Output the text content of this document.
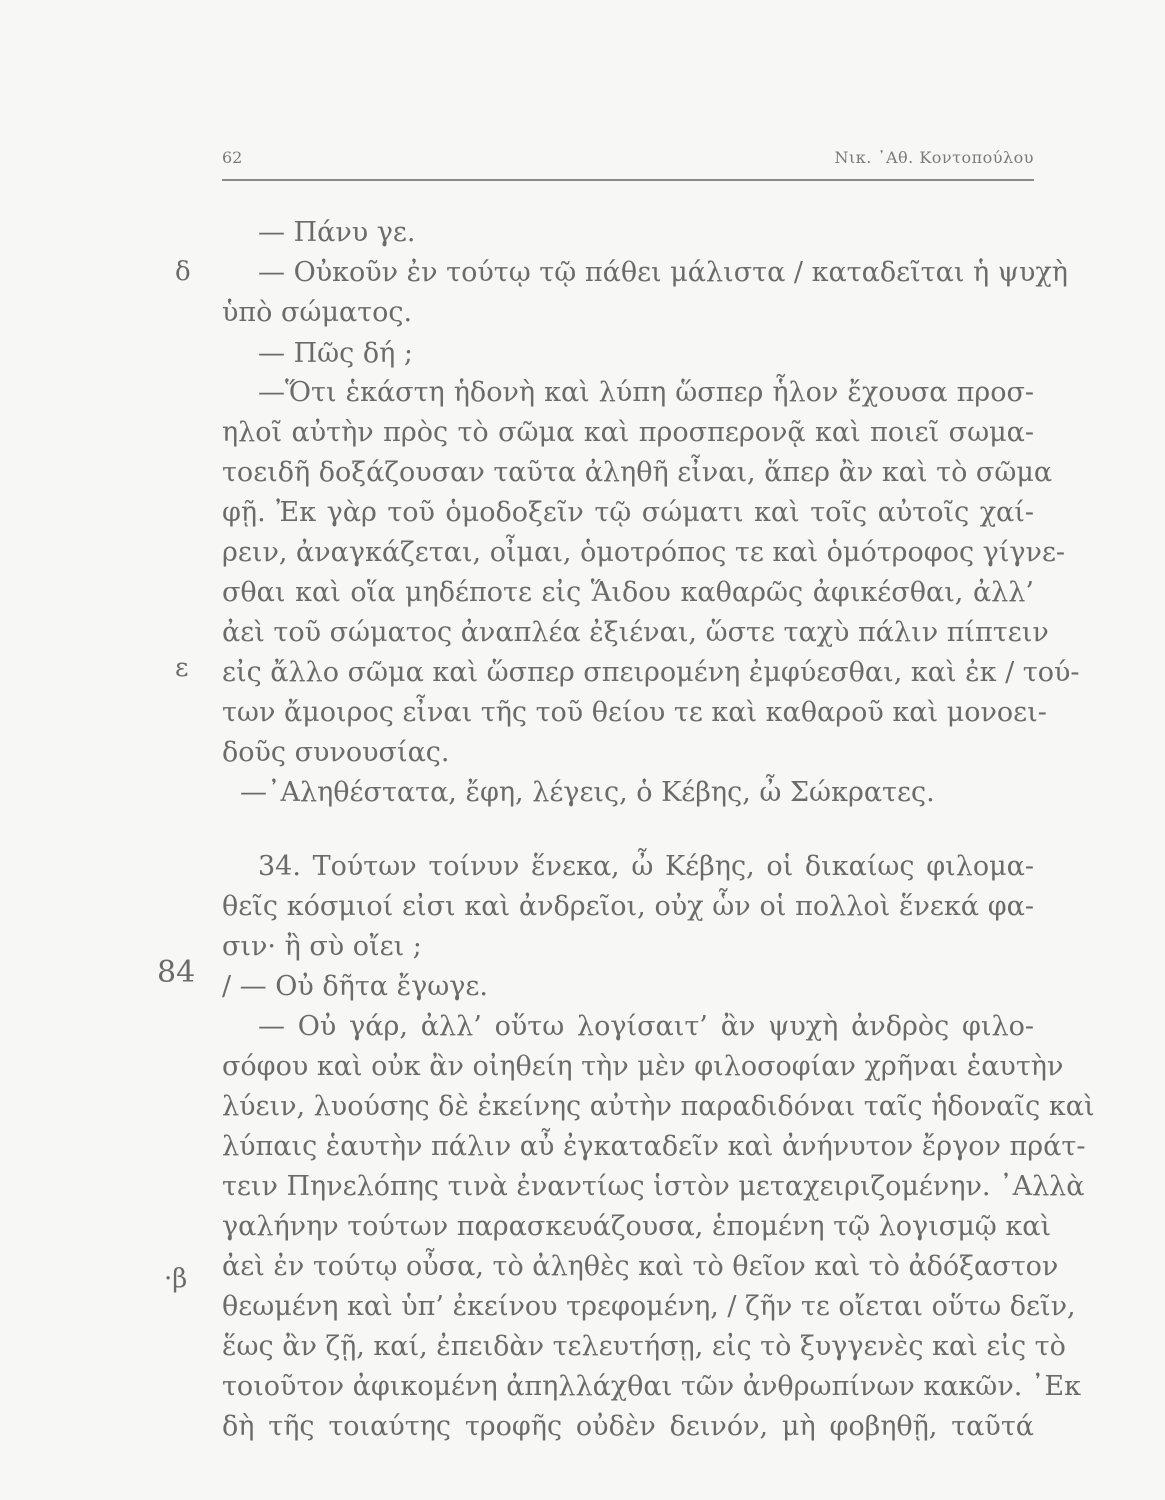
62	Νικ. ᾿Αθ. Κοντοπούλου
δ
ε
84
·β
— Πάνυ γε.
— Οὐκοῦν ἐν τούτῳ τῷ πάθει μάλιστα / καταδεῖται ἡ ψυχὴ
ὑπὸ σώματος.
— Πῶς δή ;
—Ὅτι ἑκάστη ἡδονὴ καὶ λύπη ὥσπερ ἧλον ἔχουσα προσ-
ηλοῖ αὐτὴν πρὸς τὸ σῶμα καὶ προσπερονᾷ καὶ ποιεῖ σωμα-
τοειδῆ δοξάζουσαν ταῦτα ἀληθῆ εἶναι, ἅπερ ἂν καὶ τὸ σῶμα
φῇ. Ἐκ γὰρ τοῦ ὁμοδοξεῖν τῷ σώματι καὶ τοῖς αὐτοῖς χαί-
ρειν, ἀναγκάζεται, οἶμαι, ὁμοτρόπος τε καὶ ὁμότροφος γίγνε-
σθαι καὶ οἵα μηδέποτε εἰς Ἅιδου καθαρῶς ἀφικέσθαι, ἀλλ’
ἀεὶ τοῦ σώματος ἀναπλέα ἐξιέναι, ὥστε ταχὺ πάλιν πίπτειν
εἰς ἄλλο σῶμα καὶ ὥσπερ σπειρομένη ἐμφύεσθαι, καὶ ἐκ / τού-
των ἄμοιρος εἶναι τῆς τοῦ θείου τε καὶ καθαροῦ καὶ μονοει-
δοῦς συνουσίας.
—᾿Αληθέστατα, ἔφη, λέγεις, ὁ Κέβης, ὦ Σώκρατες.
34. Τούτων τοίνυν ἕνεκα, ὦ Κέβης, οἱ δικαίως φιλομα-
θεῖς κόσμιοί εἰσι καὶ ἀνδρεῖοι, οὐχ ὧν οἱ πολλοὶ ἕνεκά φα-
σιν· ἢ σὺ οἴει ;
/ — Οὐ δῆτα ἔγωγε.
— Οὐ γάρ, ἀλλ’ οὕτω λογίσαιτ’ ἂν ψυχὴ ἀνδρὸς φιλο-
σόφου καὶ οὐκ ἂν οἰηθείη τὴν μὲν φιλοσοφίαν χρῆναι ἑαυτὴν
λύειν, λυούσης δὲ ἐκείνης αὐτὴν παραδιδόναι ταῖς ἡδοναῖς καὶ
λύπαις ἑαυτὴν πάλιν αὖ ἐγκαταδεῖν καὶ ἀνήνυτον ἔργον πράτ-
τειν Πηνελόπης τινὰ ἐναντίως ἱστὸν μεταχειριζομένην. ᾿Αλλὰ
γαλήνην τούτων παρασκευάζουσα, ἑπομένη τῷ λογισμῷ καὶ
ἀεὶ ἐν τούτῳ οὖσα, τὸ ἀληθὲς καὶ τὸ θεῖον καὶ τὸ ἀδόξαστον
θεωμένη καὶ ὑπ’ ἐκείνου τρεφομένη, / ζῆν τε οἴεται οὕτω δεῖν,
ἕως ἂν ζῇ, καί, ἐπειδὰν τελευτήσῃ, εἰς τὸ ξυγγενὲς καὶ εἰς τὸ
τοιοῦτον ἀφικομένη ἀπηλλάχθαι τῶν ἀνθρωπίνων κακῶν. ᾿Εκ
δὴ τῆς τοιαύτης τροφῆς οὐδὲν δεινόν, μὴ φοβηθῇ, ταῦτά
